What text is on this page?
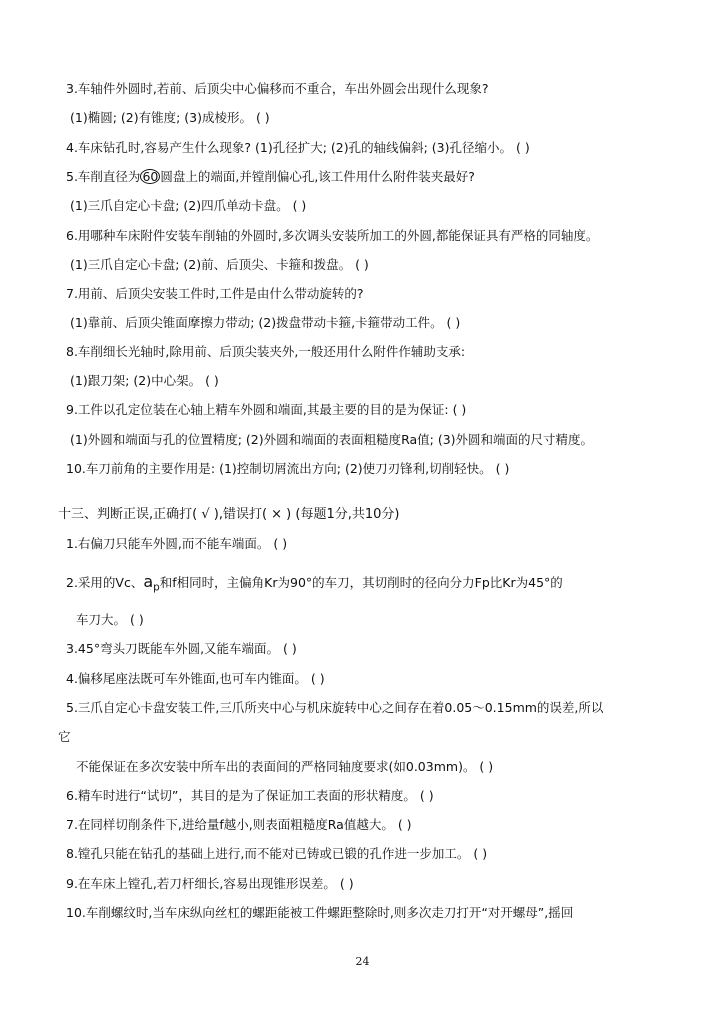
3.车轴件外圆时,若前、后顶尖中心偏移而不重合，车出外圆会出现什么现象?
(1)椭圆; (2)有锥度; (3)成棱形。 ( )
4.车床钻孔时,容易产生什么现象? (1)孔径扩大; (2)孔的轴线偏斜; (3)孔径缩小。 ( )
5.车削直径为 60 圆盘上的端面,并镗削偏心孔,该工件用什么附件装夹最好?
(1)三爪自定心卡盘; (2)四爪单动卡盘。 ( )
6.用哪种车床附件安装车削轴的外圆时,多次调头安装所加工的外圆,都能保证具有严格的同轴度。
(1)三爪自定心卡盘; (2)前、后顶尖、卡箍和拨盘。 ( )
7.用前、后顶尖安装工件时,工件是由什么带动旋转的?
(1)靠前、后顶尖锥面摩擦力带动; (2)拨盘带动卡箍,卡箍带动工件。 ( )
8.车削细长光轴时,除用前、后顶尖装夹外,一般还用什么附件作辅助支承:
(1)跟刀架; (2)中心架。 ( )
9.工件以孔定位装在心轴上精车外圆和端面,其最主要的目的是为保证: ( )
(1)外圆和端面与孔的位置精度; (2)外圆和端面的表面粗糙度Ra值; (3)外圆和端面的尺寸精度。
10.车刀前角的主要作用是: (1)控制切屑流出方向; (2)使刀刃锋利,切削轻快。 ( )
十三、判断正误,正确打( √ ),错误打( × ) (每题1分,共10分)
1.右偏刀只能车外圆,而不能车端面。 ( )
2.采用的Vc、$a_p$和f相同时，主偏角Kr为90°的车刀，其切削时的径向分力Fp比Kr为45°的
车刀大。 ( )
3.45°弯头刀既能车外圆,又能车端面。 ( )
4.偏移尾座法既可车外锥面,也可车内锥面。 ( )
5.三爪自定心卡盘安装工件,三爪所夹中心与机床旋转中心之间存在着0.05～0.15mm的误差,所以
它
不能保证在多次安装中所车出的表面间的严格同轴度要求(如0.03mm)。 ( )
6.精车时进行“试切”，其目的是为了保证加工表面的形状精度。 ( )
7.在同样切削条件下,进给量f越小,则表面粗糙度Ra值越大。 ( )
8.镗孔只能在钻孔的基础上进行,而不能对已铸或已锻的孔作进一步加工。 ( )
9.在车床上镗孔,若刀杆细长,容易出现锥形误差。 ( )
10.车削螺纹时,当车床纵向丝杠的螺距能被工件螺距整除时,则多次走刀打开“对开螺母”,摇回
24
